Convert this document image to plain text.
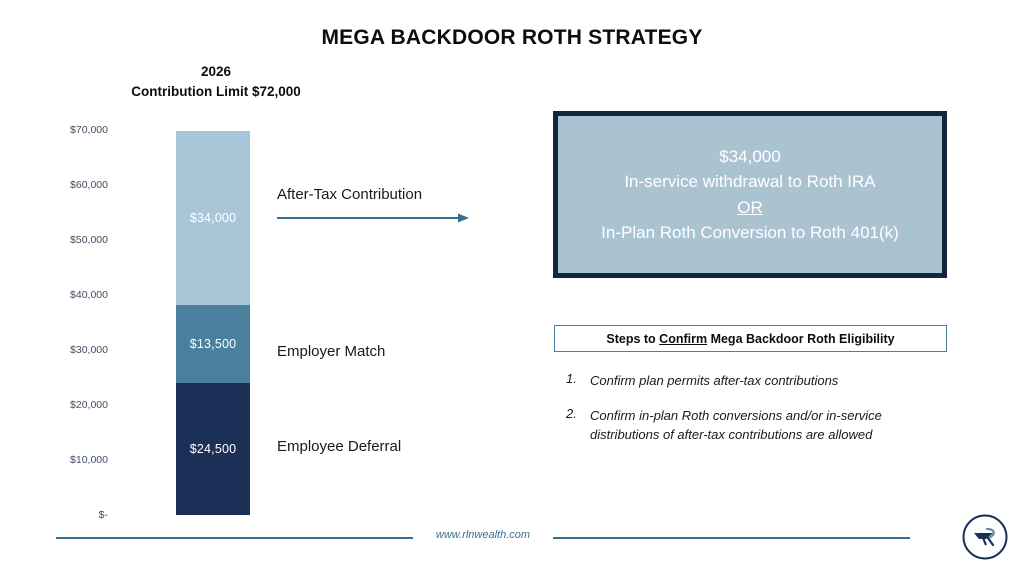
MEGA BACKDOOR ROTH STRATEGY
2026
Contribution Limit $72,000
$70,000
$60,000
$50,000
$40,000
$30,000
$20,000
$10,000
$-
$34,000
$13,500
$24,500
After-Tax Contribution
Employer Match
Employee Deferral
$34,000
In-service withdrawal to Roth IRA
OR
In-Plan Roth Conversion to Roth 401(k)
Steps to Confirm Mega Backdoor Roth Eligibility
1.	Confirm plan permits after-tax contributions
2.	Confirm in-plan Roth conversions and/or in-service distributions of after-tax contributions are allowed
www.rlnwealth.com
